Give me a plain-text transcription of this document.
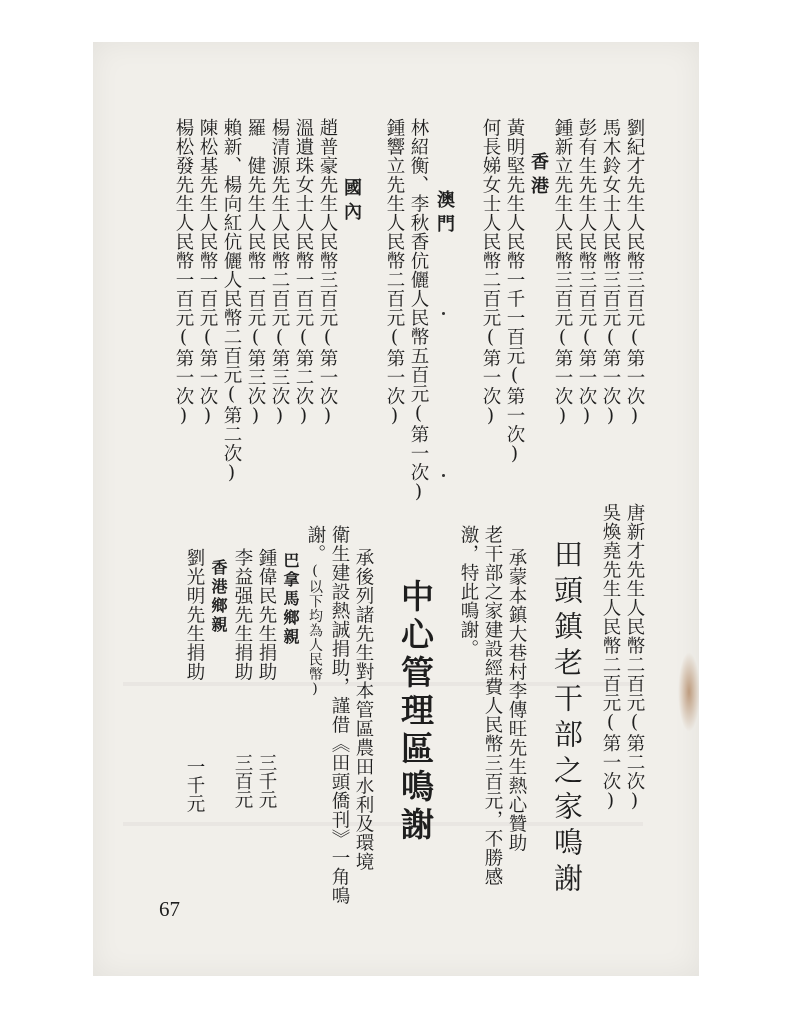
唐新才先生人民幣二百元(第二次)
吳煥堯先生人民幣二百元(第一次)
田頭鎮老干部之家鳴謝
承蒙本鎮大巷村李傳旺先生熱心贊助
老干部之家建設經費人民幣三百元，不勝感
激，特此鳴謝。
中心管理區鳴謝
承後列諸先生對本管區農田水利及環境
衛生建設熱誠捐助，謹借《田頭僑刊》一角鳴
謝。(以下均為人民幣)
巴拿馬鄉親
鍾偉民先生捐助
三千元
李益强先生捐助
三百元
香港鄉親
劉光明先生捐助
一千元
劉紀才先生人民幣三百元(第一次)
馬木鈴女士人民幣三百元(第一次)
彭有生先生人民幣三百元(第一次)
鍾新立先生人民幣三百元(第一次)
香港
黃明堅先生人民幣一千一百元(第一次)
何長娣女士人民幣二百元(第一次)
澳門
林紹衡、李秋香伉儷人民幣五百元(第一次)
鍾響立先生人民幣二百元(第一次)
國內
趙普豪先生人民幣三百元(第一次)
溫遺珠女士人民幣一百元(第二次)
楊清源先生人民幣二百元(第三次)
羅　健先生人民幣一百元(第三次)
賴新、楊向紅伉儷人民幣二百元(第二次)
陳松基先生人民幣一百元(第一次)
楊松發先生人民幣一百元(第一次)
67
